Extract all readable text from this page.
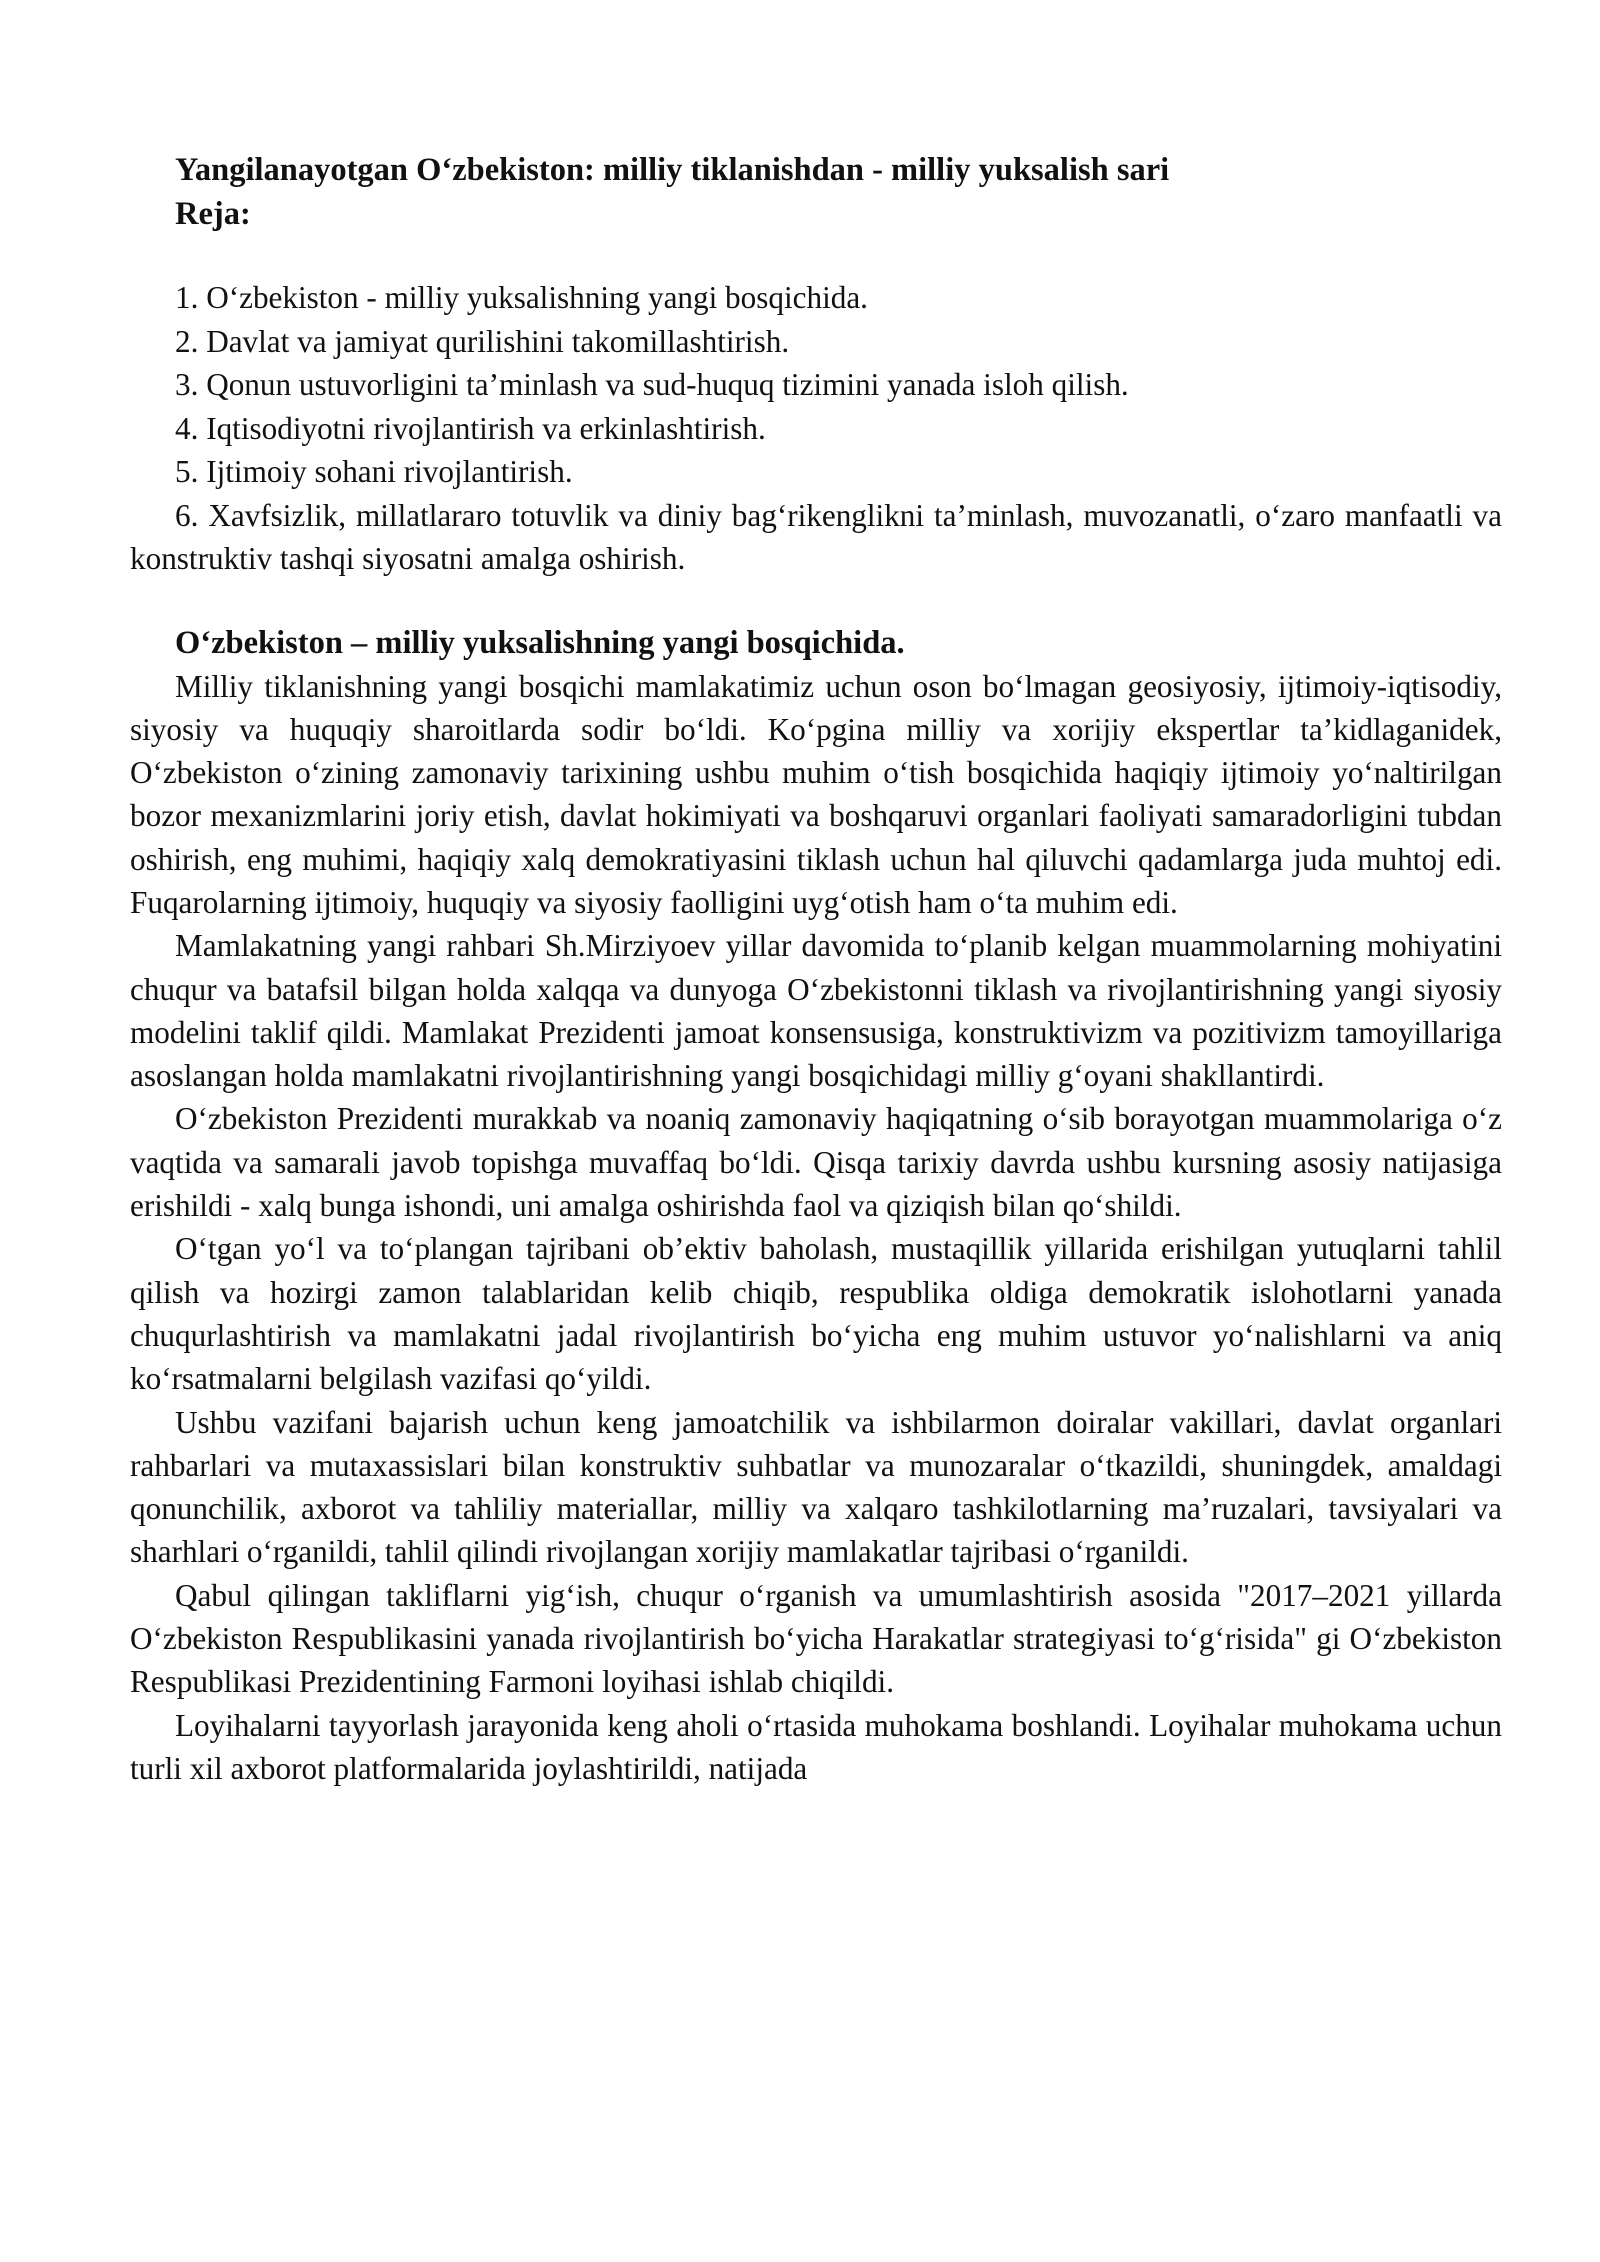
Yangilanayotgan O‘zbekiston: milliy tiklanishdan - milliy yuksalish sari
Reja:
1. O‘zbekiston - milliy yuksalishning yangi bosqichida.
2. Davlat va jamiyat qurilishini takomillashtirish.
3. Qonun ustuvorligini ta’minlash va sud-huquq tizimini yanada isloh qilish.
4. Iqtisodiyotni rivojlantirish va erkinlashtirish.
5. Ijtimoiy sohani rivojlantirish.
6. Xavfsizlik, millatlararo totuvlik va diniy bag‘rikenglikni ta’minlash, muvozanatli, o‘zaro manfaatli va konstruktiv tashqi siyosatni amalga oshirish.
O‘zbekiston – milliy yuksalishning yangi bosqichida.

Milliy tiklanishning yangi bosqichi mamlakatimiz uchun oson bo‘lmagan geosiyosiy, ijtimoiy-iqtisodiy, siyosiy va huquqiy sharoitlarda sodir bo‘ldi. Ko‘pgina milliy va xorijiy ekspertlar ta’kidlaganidek, O‘zbekiston o‘zining zamonaviy tarixining ushbu muhim o‘tish bosqichida haqiqiy ijtimoiy yo‘naltirilgan bozor mexanizmlarini joriy etish, davlat hokimiyati va boshqaruvi organlari faoliyati samaradorligini tubdan oshirish, eng muhimi, haqiqiy xalq demokratiyasini tiklash uchun hal qiluvchi qadamlarga juda muhtoj edi. Fuqarolarning ijtimoiy, huquqiy va siyosiy faolligini uyg‘otish ham o‘ta muhim edi.

Mamlakatning yangi rahbari Sh.Mirziyoev yillar davomida to‘planib kelgan muammolarning mohiyatini chuqur va batafsil bilgan holda xalqqa va dunyoga O‘zbekistonni tiklash va rivojlantirishning yangi siyosiy modelini taklif qildi. Mamlakat Prezidenti jamoat konsensusiga, konstruktivizm va pozitivizm tamoyillariga asoslangan holda mamlakatni rivojlantirishning yangi bosqichidagi milliy g‘oyani shakllantirdi.

O‘zbekiston Prezidenti murakkab va noaniq zamonaviy haqiqatning o‘sib borayotgan muammolariga o‘z vaqtida va samarali javob topishga muvaffaq bo‘ldi. Qisqa tarixiy davrda ushbu kursning asosiy natijasiga erishildi - xalq bunga ishondi, uni amalga oshirishda faol va qiziqish bilan qo‘shildi.

O‘tgan yo‘l va to‘plangan tajribani ob’ektiv baholash, mustaqillik yillarida erishilgan yutuqlarni tahlil qilish va hozirgi zamon talablaridan kelib chiqib, respublika oldiga demokratik islohotlarni yanada chuqurlashtirish va mamlakatni jadal rivojlantirish bo‘yicha eng muhim ustuvor yo‘nalishlarni va aniq ko‘rsatmalarni belgilash vazifasi qo‘yildi.

Ushbu vazifani bajarish uchun keng jamoatchilik va ishbilarmon doiralar vakillari, davlat organlari rahbarlari va mutaxassislari bilan konstruktiv suhbatlar va munozaralar o‘tkazildi, shuningdek, amaldagi qonunchilik, axborot va tahliliy materiallar, milliy va xalqaro tashkilotlarning ma’ruzalari, tavsiyalari va sharhlari o‘rganildi, tahlil qilindi rivojlangan xorijiy mamlakatlar tajribasi o‘rganildi.

Qabul qilingan takliflarni yig‘ish, chuqur o‘rganish va umumlashtirish asosida "2017–2021 yillarda O‘zbekiston Respublikasini yanada rivojlantirish bo‘yicha Harakatlar strategiyasi to‘g‘risida" gi O‘zbekiston Respublikasi Prezidentining Farmoni loyihasi ishlab chiqildi.

Loyihalarni tayyorlash jarayonida keng aholi o‘rtasida muhokama boshlandi. Loyihalar muhokama uchun turli xil axborot platformalarida joylashtirildi, natijada
